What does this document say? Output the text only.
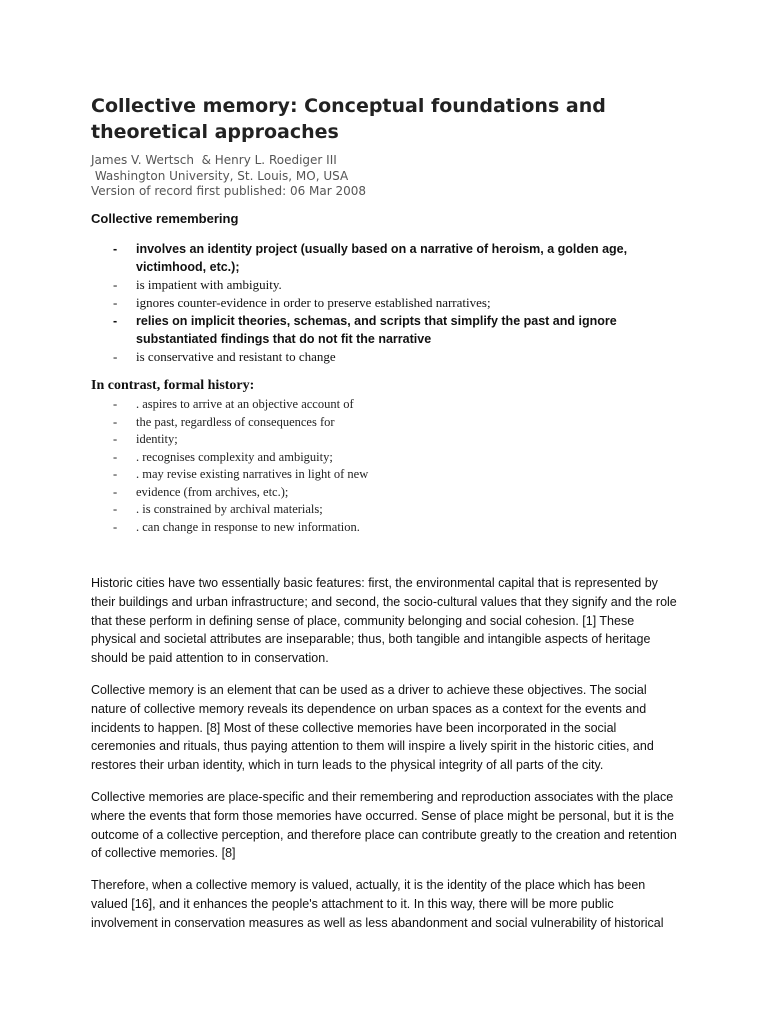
Collective memory: Conceptual foundations and theoretical approaches
James V. Wertsch  & Henry L. Roediger III
Washington University, St. Louis, MO, USA
Version of record first published: 06 Mar 2008
Collective remembering
- involves an identity project (usually based on a narrative of heroism, a golden age, victimhood, etc.);
- is impatient with ambiguity.
- ignores counter-evidence in order to preserve established narratives;
- relies on implicit theories, schemas, and scripts that simplify the past and ignore substantiated findings that do not fit the narrative
- is conservative and resistant to change
In contrast, formal history:
- . aspires to arrive at an objective account of
- the past, regardless of consequences for
- identity;
- . recognises complexity and ambiguity;
- . may revise existing narratives in light of new
- evidence (from archives, etc.);
- . is constrained by archival materials;
- . can change in response to new information.

Historic cities have two essentially basic features: first, the environmental capital that is represented by their buildings and urban infrastructure; and second, the socio-cultural values that they signify and the role that these perform in defining sense of place, community belonging and social cohesion. [1] These physical and societal attributes are inseparable; thus, both tangible and intangible aspects of heritage should be paid attention to in conservation.

Collective memory is an element that can be used as a driver to achieve these objectives. The social nature of collective memory reveals its dependence on urban spaces as a context for the events and incidents to happen. [8] Most of these collective memories have been incorporated in the social ceremonies and rituals, thus paying attention to them will inspire a lively spirit in the historic cities, and restores their urban identity, which in turn leads to the physical integrity of all parts of the city.

Collective memories are place-specific and their remembering and reproduction associates with the place where the events that form those memories have occurred. Sense of place might be personal, but it is the outcome of a collective perception, and therefore place can contribute greatly to the creation and retention of collective memories. [8]

Therefore, when a collective memory is valued, actually, it is the identity of the place which has been valued [16], and it enhances the people's attachment to it. In this way, there will be more public involvement in conservation measures as well as less abandonment and social vulnerability of historical
